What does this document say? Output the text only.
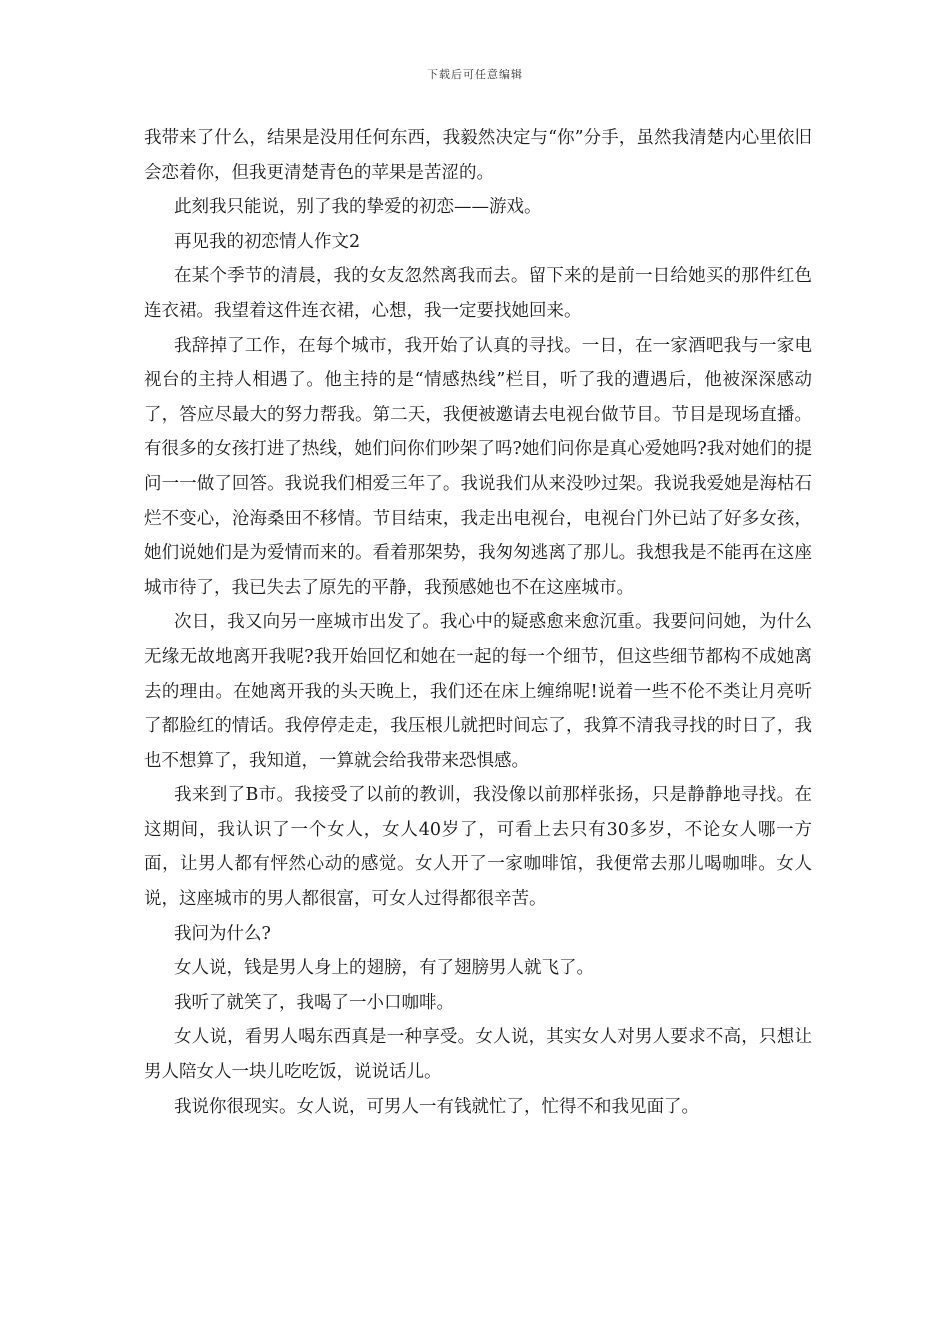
下载后可任意编辑

我带来了什么，结果是没用任何东西，我毅然决定与“你”分手，虽然我清楚内心里依旧会恋着你，但我更清楚青色的苹果是苦涩的。

此刻我只能说，别了我的挚爱的初恋——游戏。

再见我的初恋情人作文2

在某个季节的清晨，我的女友忽然离我而去。留下来的是前一日给她买的那件红色连衣裙。我望着这件连衣裙，心想，我一定要找她回来。

我辞掉了工作，在每个城市，我开始了认真的寻找。一日，在一家酒吧我与一家电视台的主持人相遇了。他主持的是“情感热线”栏目，听了我的遭遇后，他被深深感动了，答应尽最大的努力帮我。第二天，我便被邀请去电视台做节目。节目是现场直播。有很多的女孩打进了热线，她们问你们吵架了吗?她们问你是真心爱她吗?我对她们的提问一一做了回答。我说我们相爱三年了。我说我们从来没吵过架。我说我爱她是海枯石烂不变心，沧海桑田不移情。节目结束，我走出电视台，电视台门外已站了好多女孩，她们说她们是为爱情而来的。看着那架势，我匆匆逃离了那儿。我想我是不能再在这座城市待了，我已失去了原先的平静，我预感她也不在这座城市。

次日，我又向另一座城市出发了。我心中的疑惑愈来愈沉重。我要问问她，为什么无缘无故地离开我呢?我开始回忆和她在一起的每一个细节，但这些细节都构不成她离去的理由。在她离开我的头天晚上，我们还在床上缠绵呢!说着一些不伦不类让月亮听了都脸红的情话。我停停走走，我压根儿就把时间忘了，我算不清我寻找的时日了，我也不想算了，我知道，一算就会给我带来恐惧感。

我来到了B市。我接受了以前的教训，我没像以前那样张扬，只是静静地寻找。在这期间，我认识了一个女人，女人40岁了，可看上去只有30多岁，不论女人哪一方面，让男人都有怦然心动的感觉。女人开了一家咖啡馆，我便常去那儿喝咖啡。女人说，这座城市的男人都很富，可女人过得都很辛苦。

我问为什么?

女人说，钱是男人身上的翅膀，有了翅膀男人就飞了。

我听了就笑了，我喝了一小口咖啡。

女人说，看男人喝东西真是一种享受。女人说，其实女人对男人要求不高，只想让男人陪女人一块儿吃吃饭，说说话儿。

我说你很现实。女人说，可男人一有钱就忙了，忙得不和我见面了。
